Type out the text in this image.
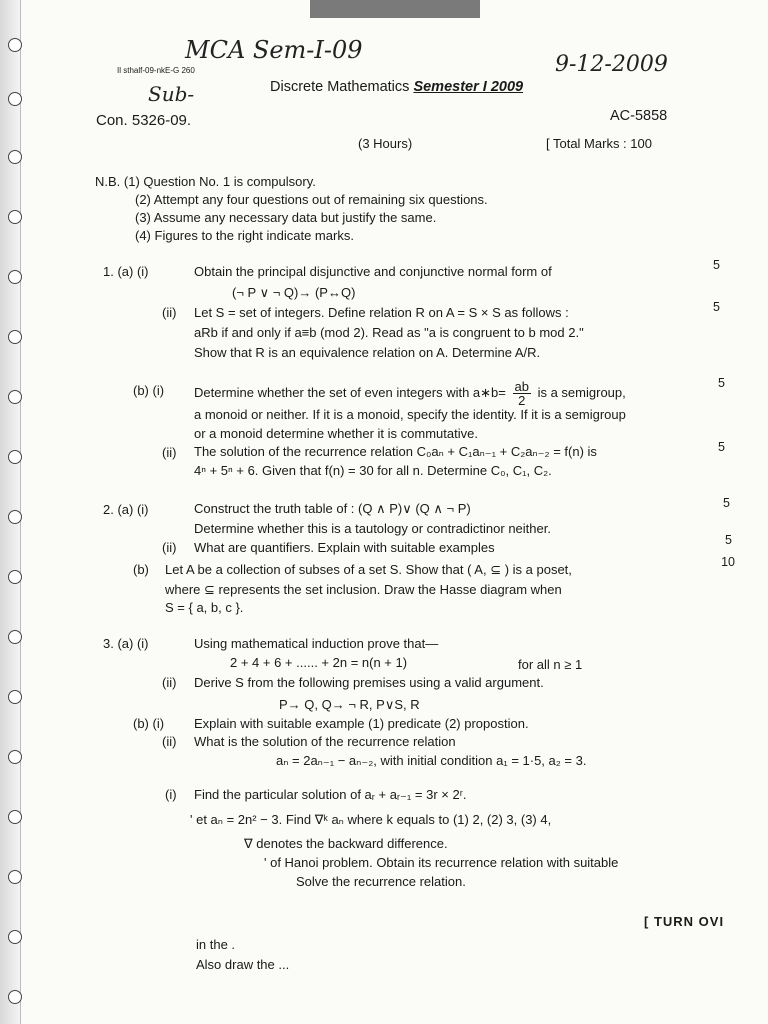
MCA Sem-I-09
9-12-2009
Il sthalf-09-nkE-G 260
Sub-	Discrete Mathematics Semester I 2009
Con. 5326-09.	AC-5858
(3 Hours)	[ Total Marks : 100
N.B. (1) Question No. 1 is compulsory.
(2) Attempt any four questions out of remaining six questions.
(3) Assume any necessary data but justify the same.
(4) Figures to the right indicate marks.
1. (a) (i)	Obtain the principal disjunctive and conjunctive normal form of	5
(¬ P ∨ ¬ Q)→ (P↔Q)
(ii) Let S = set of integers. Define relation R on A = S × S as follows :	5
aRb if and only if a≡b (mod 2). Read as "a is congruent to b mod 2."
Show that R is an equivalence relation on A. Determine A/R.
(b) (i) Determine whether the set of even integers with a∗b= $\frac{ab}{2}$ is a semigroup,
5
a monoid or neither. If it is a monoid, specify the identity. If it is a semigroup
or a monoid determine whether it is commutative.
(ii) The solution of the recurrence relation C₀aₙ + C₁aₙ₋₁ + C₂aₙ₋₂ = f(n) is	5
4ⁿ + 5ⁿ + 6. Given that f(n) = 30 for all n. Determine C₀, C₁, C₂.
2. (a) (i)	Construct the truth table of : (Q ∧ P)∨ (Q ∧ ¬ P)	5
Determine whether this is a tautology or contradictinor neither.
(ii) What are quantifiers. Explain with suitable examples	5
(b) Let A be a collection of subses of a set S. Show that ( A, ⊆ ) is a poset,	10
where ⊆ represents the set inclusion. Draw the Hasse diagram when
S = { a, b, c }.
3. (a) (i)	Using mathematical induction prove that—
2 + 4 + 6 + ...... + 2n = n(n + 1)	for all n ≥ 1
(ii) Derive S from the following premises using a valid argument.
P→ Q, Q→ ¬ R, P∨S, R
(b) (i) Explain with suitable example (1) predicate (2) propostion.
(ii) What is the solution of the recurrence relation
aₙ = 2aₙ₋₁ − aₙ₋₂, with initial condition a₁ = 1·5, a₂ = 3.
(i) Find the particular solution of aᵣ + aᵣ₋₁ = 3r × 2ʳ.
' et aₙ = 2n² − 3. Find ∇ᵏ aₙ where k equals to (1) 2, (2) 3, (3) 4,
∇ denotes the backward difference.
' of Hanoi problem. Obtain its recurrence relation with suitable
Solve the recurrence relation.
[ TURN OVI
in the .
Also draw the ...
